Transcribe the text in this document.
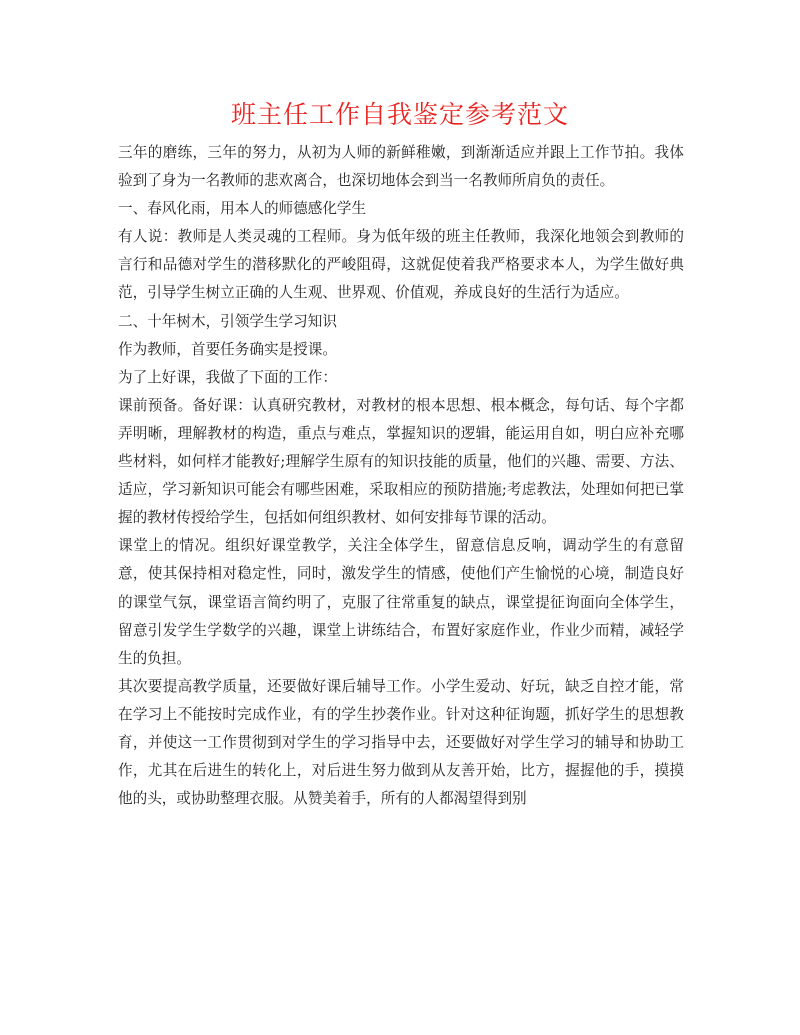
班主任工作自我鉴定参考范文

三年的磨练，三年的努力，从初为人师的新鲜稚嫩，到渐渐适应并跟上工作节拍。我体验到了身为一名教师的悲欢离合，也深切地体会到当一名教师所肩负的责任。

一、春风化雨，用本人的师德感化学生

有人说：教师是人类灵魂的工程师。身为低年级的班主任教师，我深化地领会到教师的言行和品德对学生的潜移默化的严峻阻碍，这就促使着我严格要求本人，为学生做好典范，引导学生树立正确的人生观、世界观、价值观，养成良好的生活行为适应。

二、十年树木，引领学生学习知识

作为教师，首要任务确实是授课。

为了上好课，我做了下面的工作：

课前预备。备好课：认真研究教材，对教材的根本思想、根本概念，每句话、每个字都弄明晰，理解教材的构造，重点与难点，掌握知识的逻辑，能运用自如，明白应补充哪些材料，如何样才能教好;理解学生原有的知识技能的质量，他们的兴趣、需要、方法、适应，学习新知识可能会有哪些困难，采取相应的预防措施;考虑教法，处理如何把已掌握的教材传授给学生，包括如何组织教材、如何安排每节课的活动。

课堂上的情况。组织好课堂教学，关注全体学生，留意信息反响，调动学生的有意留意，使其保持相对稳定性，同时，激发学生的情感，使他们产生愉悦的心境，制造良好的课堂气氛，课堂语言简约明了，克服了往常重复的缺点，课堂提征询面向全体学生，留意引发学生学数学的兴趣，课堂上讲练结合，布置好家庭作业，作业少而精，减轻学生的负担。

其次要提高教学质量，还要做好课后辅导工作。小学生爱动、好玩，缺乏自控才能，常在学习上不能按时完成作业，有的学生抄袭作业。针对这种征询题，抓好学生的思想教育，并使这一工作贯彻到对学生的学习指导中去，还要做好对学生学习的辅导和协助工作，尤其在后进生的转化上，对后进生努力做到从友善开始，比方，握握他的手，摸摸他的头，或协助整理衣服。从赞美着手，所有的人都渴望得到别
